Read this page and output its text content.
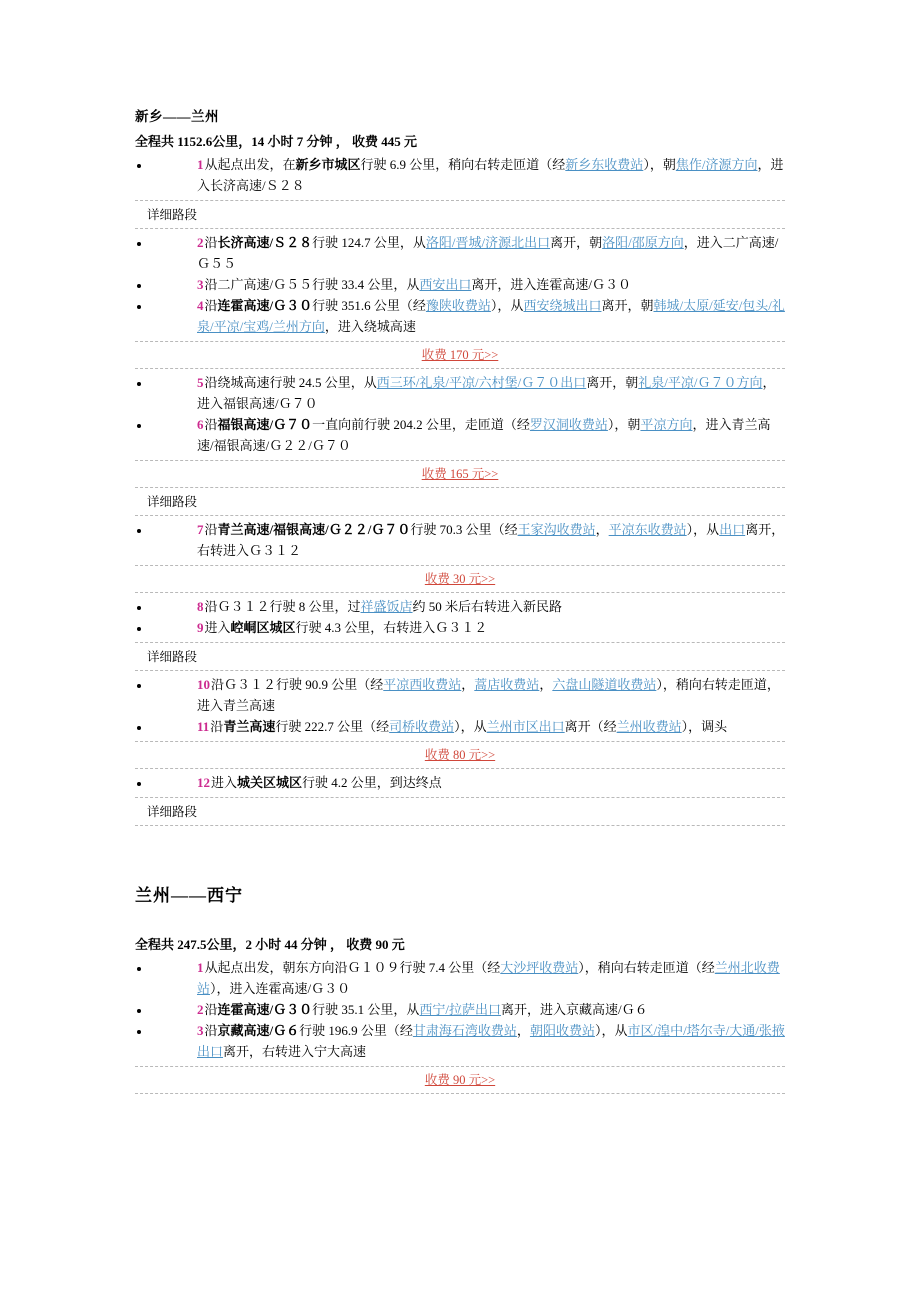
新乡——兰州
全程共 1152.6公里，14 小时 7 分钟 ， 收费 445 元
• 1从起点出发，在新乡市城区行驶 6.9 公里，稍向右转走匝道（经新乡东收费站），朝焦作/济源方向，进入长济高速/Ｓ２８
详细路段
• 2沿长济高速/Ｓ２８行驶 124.7 公里，从洛阳/晋城/济源北出口离开，朝洛阳/邵原方向，进入二广高速/Ｇ５５
• 3沿二广高速/Ｇ５５行驶 33.4 公里，从西安出口离开，进入连霍高速/Ｇ３０
• 4沿连霍高速/Ｇ３０行驶 351.6 公里（经豫陕收费站），从西安绕城出口离开，朝韩城/太原/延安/包头/礼泉/平凉/宝鸡/兰州方向，进入绕城高速
收费 170 元>>
• 5沿绕城高速行驶 24.5 公里，从西三环/礼泉/平凉/六村堡/Ｇ７０出口离开，朝礼泉/平凉/Ｇ７０方向，进入福银高速/Ｇ７０
• 6沿福银高速/Ｇ７０一直向前行驶 204.2 公里，走匝道（经罗汉洞收费站），朝平凉方向，进入青兰高速/福银高速/Ｇ２２/Ｇ７０
收费 165 元>>
详细路段
• 7沿青兰高速/福银高速/Ｇ２２/Ｇ７０行驶 70.3 公里（经王家沟收费站，平凉东收费站），从出口离开，右转进入Ｇ３１２
收费 30 元>>
• 8沿Ｇ３１２行驶 8 公里，过祥盛饭店约 50 米后右转进入新民路
• 9进入崆峒区城区行驶 4.3 公里，右转进入Ｇ３１２
详细路段
• 10沿Ｇ３１２行驶 90.9 公里（经平凉西收费站，蒿店收费站，六盘山隧道收费站），稍向右转走匝道，进入青兰高速
• 11沿青兰高速行驶 222.7 公里（经司桥收费站），从兰州市区出口离开（经兰州收费站），调头
收费 80 元>>
• 12进入城关区城区行驶 4.2 公里，到达终点
详细路段
兰州——西宁
全程共 247.5公里，2 小时 44 分钟 ， 收费 90 元
• 1从起点出发，朝东方向沿Ｇ１０９行驶 7.4 公里（经大沙坪收费站），稍向右转走匝道（经兰州北收费站），进入连霍高速/Ｇ３０
• 2沿连霍高速/Ｇ３０行驶 35.1 公里，从西宁/拉萨出口离开，进入京藏高速/Ｇ６
• 3沿京藏高速/Ｇ６行驶 196.9 公里（经甘肃海石湾收费站，朝阳收费站），从市区/湟中/塔尔寺/大通/张掖出口离开，右转进入宁大高速
收费 90 元>>
